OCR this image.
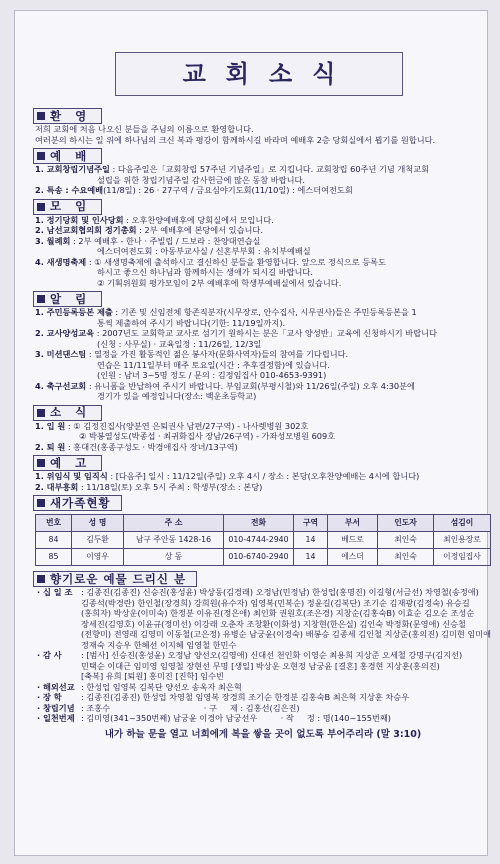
교회소식
환 영
저희 교회에 처음 나오신 분들을 주님의 이름으로 환영합니다.
여러분의 하시는 일 위에 하나님의 크신 복과 평강이 함께하시길 바라며 예배후 2층 당회실에서 뵙기를 원합니다.
예 배
1. 교회창립기념주일 : 다음주일은「교회창립 57주년 기념주일」로 지킵니다. 교회창립 60주년 기념 개척교회
설립을 위한 창립기념주일 감사헌금에 많은 동참 바랍니다.
2. 특송 : 수요예배(11/8일) : 26 · 27구역 / 금요심야기도회(11/10일) : 에스더여전도회
모 임
1. 정기당회 및 인사당회 : 오후찬양예배후에 당회실에서 모입니다.
2. 남선교회협의회 정기총회 : 2부 예배후에 본당에서 있습니다.
3. 월례회 : 2부 예배후 - 한나 · 주빌립 / 드보라 : 찬양대연습실
에스더여전도회 : 아동부교사실 / 신혼부부회 : 유치부예배실
4. 새생명축제 : ① 새생명축제에 출석하시고 결신하신 분들을 환영합니다. 앞으로 정식으로 등록도
하시고 좋으신 하나님과 함께하시는 생애가 되시길 바랍니다.
② 기획위원회 평가모임이 2부 예배후에 학생부예배실에서 있습니다.
알 림
1. 주민등록등본 제출 : 기존 및 신임전체 항존직분자(시무장로, 안수집사, 시무권사)들은 주민등록등본을 1
통씩 제출하여 주시기 바랍니다(기한: 11/19일까지).
2. 교사양성교육 : 2007년도 교회학교 교사로 섬기기 원하시는 분은「교사 양성반」교육에 신청하시기 바랍니다
(신청 : 사무실) · 교육일정 : 11/26일, 12/3일
3. 미션댄스팀 : 열정을 가진 활동적인 젊은 봉사자(문화사역자)들의 참여를 기다립니다.
연습은 11/11일부터 매주 토요일(시간 : 추후결정함)에 있습니다.
(인원 : 남녀 3~5명 정도 / 문의 : 김정임집사 010-4653-9391)
4. 축구선교회 : 유니폼을 반납하여 주시기 바랍니다. 부임교회(부평시철)와 11/26일(주일) 오후 4:30분에
경기가 있을 예정입니다(장소: 백운초등학교)
소 식
1. 입 원 : ① 김정진집사(양분연 은퇴권사 남편/27구역) - 나사렛병원 302호
② 박봉열성도(박종섭 · 최귀화집사 장남/26구역) - 가좌성모병원 609호
2. 퇴 원 : 홍대건(홍종구성도 · 박경애집사 장녀/13구역)
예 고
1. 위임식 및 임직식 : [다음주] 일시 : 11/12일(주일) 오후 4시 / 장소 : 본당(오후찬양예배는 4시에 합니다)
2. 대부흥회 : 11/18일(토) 오후 5시 주최 : 학생부(장소 : 본당)
새가족현황
번호	성 명	주 소	전화	구역	부서	인도자	섬김이
84	김두환	남구 주안동 1428-16	010-4744-2940	14	베드로	최인숙	최인용장로
85	이영우	상 동	010-6740-2940	14	에스더	최인숙	이정임집사
향기로운 예물 드리신 분
· 십 일 조	: 김종진(김종진) 신승진(홍성윤) 박상동(김경래) 오정남(민정남) 한성업(홍명진) 이길형(서금선) 차영철(송정애)
김종석(박경란) 한인철(장경희) 강희원(유수자) 임영복(민복순) 정윤길(김복단) 조기순 김재광(김정숙) 유승길
(홍희자) 박상운(이미숙) 한정분 이유진(정은애) 최인화 권원호(조은경) 지창순(김홍숙B) 이효순 김오순 조성순
장세진(김영호) 이윤규(정미선) 이강래 오춘자 조창환(이화성) 지창현(한은실) 김인숙 박정화(문영애) 신승철
(전향미) 전영래 김영미 이동철(고은정) 유병순 남궁윤(이경숙) 배봉승 김종세 김인철 지상준(홍의진) 김미현 임미애
정재숙 지승우 한혜선 이지혜 임영철 한민수
· 감 사	: [범사] 신승진(홍성윤) 오정남 양선오(김영애) 신대선 천인화 이영순 최용희 지상준 오세철 강명구(김지선)
민택순 이대근 임미영 임영철 장현선 무명 [생일] 박상운 오현정 남궁윤 [결혼] 홍경현 지상훈(홍의진)
[축복] 유희 [퇴원] 홍미진 [진학] 임수빈
· 해외선교 : 한성업 임영복 김복단 양선오 송옥자 최은혁
· 장 학	: 김종진(김종진) 한성업 차영철 임영복 장경희 조기순 한정분 김홍숙B 최은혁 지상훈 차승우
· 창립기념 : 조홍수                                    · 구     제 : 김홍선(김은진)
· 일천번제 : 김미영(341~350번째) 남궁윤 이경아 남궁선우         · 작     정 : 명(140~155번째)
내가 하늘 문을 열고 너희에게 복을 쌓을 곳이 없도록 부어주리라 (말 3:10)
